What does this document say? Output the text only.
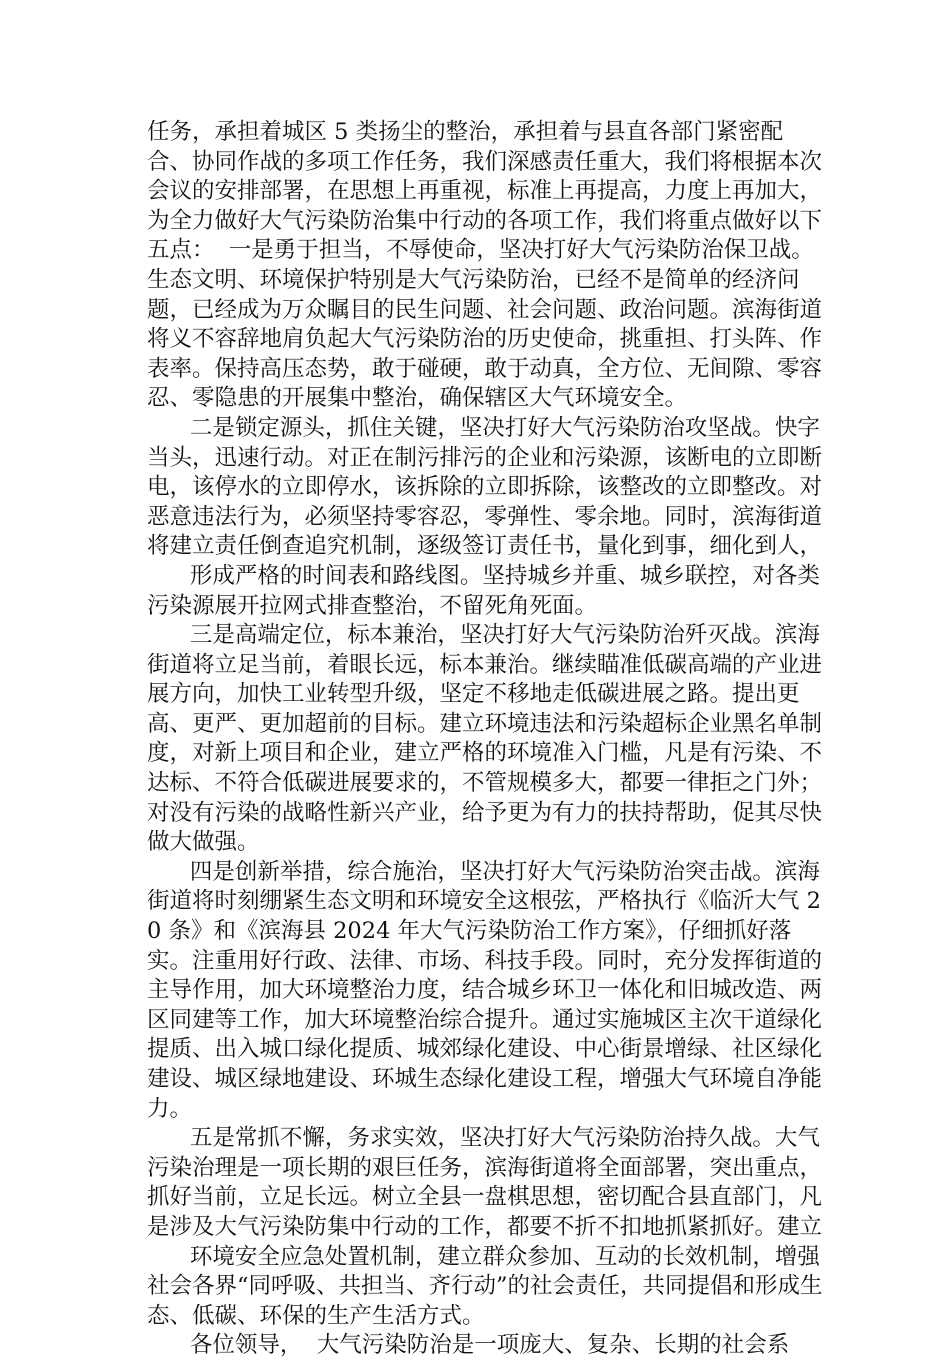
任务，承担着城区 5 类扬尘的整治，承担着与县直各部门紧密配合、协同作战的多项工作任务，我们深感责任重大，我们将根据本次会议的安排部署，在思想上再重视，标准上再提高，力度上再加大，为全力做好大气污染防治集中行动的各项工作，我们将重点做好以下五点：  一是勇于担当，不辱使命，坚决打好大气污染防治保卫战。生态文明、环境保护特别是大气污染防治，已经不是简单的经济问题，已经成为万众瞩目的民生问题、社会问题、政治问题。滨海街道将义不容辞地肩负起大气污染防治的历史使命，挑重担、打头阵、作表率。保持高压态势，敢于碰硬，敢于动真，全方位、无间隙、零容忍、零隐患的开展集中整治，确保辖区大气环境安全。

二是锁定源头，抓住关键，坚决打好大气污染防治攻坚战。快字当头，迅速行动。对正在制污排污的企业和污染源，该断电的立即断电，该停水的立即停水，该拆除的立即拆除，该整改的立即整改。对恶意违法行为，必须坚持零容忍，零弹性、零余地。同时，滨海街道将建立责任倒查追究机制，逐级签订责任书，量化到事，细化到人，

形成严格的时间表和路线图。坚持城乡并重、城乡联控，对各类污染源展开拉网式排查整治，不留死角死面。

三是高端定位，标本兼治，坚决打好大气污染防治歼灭战。滨海街道将立足当前，着眼长远，标本兼治。继续瞄准低碳高端的产业进展方向，加快工业转型升级，坚定不移地走低碳进展之路。提出更高、更严、更加超前的目标。建立环境违法和污染超标企业黑名单制度，对新上项目和企业，建立严格的环境准入门槛，凡是有污染、不达标、不符合低碳进展要求的，不管规模多大，都要一律拒之门外；对没有污染的战略性新兴产业，给予更为有力的扶持帮助，促其尽快做大做强。

四是创新举措，综合施治，坚决打好大气污染防治突击战。滨海街道将时刻绷紧生态文明和环境安全这根弦，严格执行《临沂大气 20 条》和《滨海县 2024 年大气污染防治工作方案》，仔细抓好落实。注重用好行政、法律、市场、科技手段。同时，充分发挥街道的主导作用，加大环境整治力度，结合城乡环卫一体化和旧城改造、两区同建等工作，加大环境整治综合提升。通过实施城区主次干道绿化提质、出入城口绿化提质、城郊绿化建设、中心街景增绿、社区绿化建设、城区绿地建设、环城生态绿化建设工程，增强大气环境自净能力。

五是常抓不懈，务求实效，坚决打好大气污染防治持久战。大气污染治理是一项长期的艰巨任务，滨海街道将全面部署，突出重点，抓好当前，立足长远。树立全县一盘棋思想，密切配合县直部门，凡是涉及大气污染防集中行动的工作，都要不折不扣地抓紧抓好。建立

环境安全应急处置机制，建立群众参加、互动的长效机制，增强社会各界“同呼吸、共担当、齐行动”的社会责任，共同提倡和形成生态、低碳、环保的生产生活方式。

各位领导，  大气污染防治是一项庞大、复杂、长期的社会系
